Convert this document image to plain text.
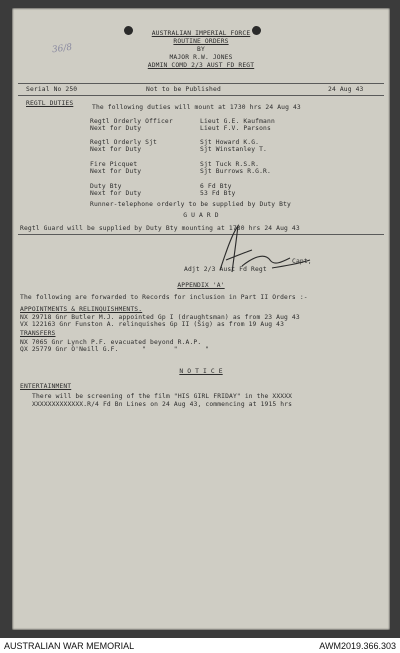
36/8
AUSTRALIAN IMPERIAL FORCE
ROUTINE ORDERS
BY
MAJOR R.W. JONES
ADMIN COMD 2/3 AUST FD REGT
Serial No 250	Not to be Published	24 Aug 43
REGTL DUTIES
The following duties will mount at 1730 hrs 24 Aug 43
Regtl Orderly Officer	Lieut G.E. Kaufmann
Next for Duty	Lieut F.V. Parsons
Regtl Orderly Sjt	Sjt Howard K.G.
Next for Duty	Sjt Winstanley T.
Fire Picquet	Sjt Tuck R.S.R.
Next for Duty	Sjt Burrows R.G.R.
Duty Bty	6 Fd Bty
Next for Duty	53 Fd Bty
Runner-telephone orderly to be supplied by Duty Bty
G U A R D
Regtl Guard will be supplied by Duty Bty mounting at 1730 hrs 24 Aug 43
Capt,
Adjt 2/3 Aust Fd Regt
APPENDIX 'A'
The following are forwarded to Records for inclusion in Part II Orders :-
APPOINTMENTS & RELINQUISHMENTS.
NX 29718 Gnr Butler M.J. appointed Gp I (draughtsman) as from 23 Aug 43
VX 122163 Gnr Funston A. relinquishes Gp II (Sig) as from 19 Aug 43
TRANSFERS
NX 7065 Gnr Lynch P.F. evacuated beyond R.A.P.
QX 25779 Gnr O'Neill G.F.      "       "       "
N O T I C E
ENTERTAINMENT
There will be screening of the film "HIS GIRL FRIDAY" in the XXXXX
XXXXXXXXXXXXX.R/4 Fd Bn Lines on 24 Aug 43, commencing at 1915 hrs
AUSTRALIAN WAR MEMORIAL	AWM2019.366.303
